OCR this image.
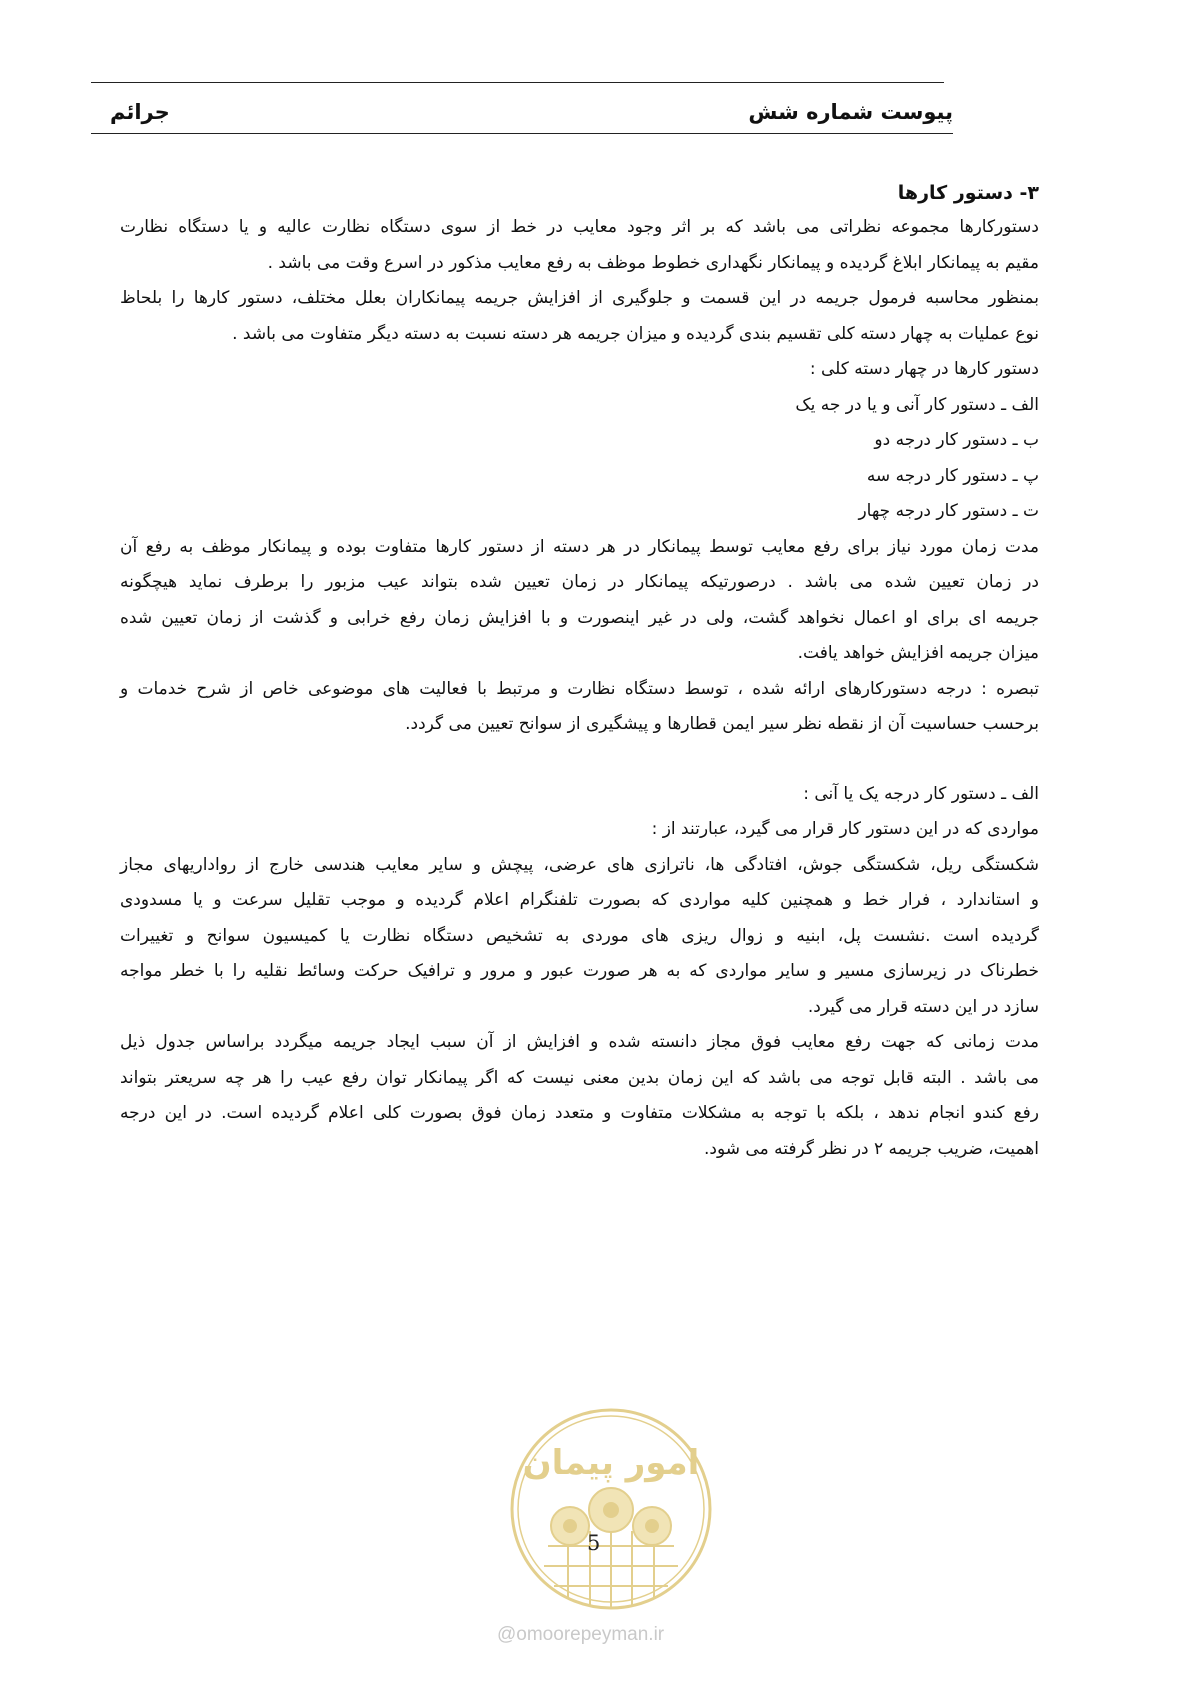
پیوست شماره شش
جرائم
۳- دستور کارها
دستورکارها مجموعه نظراتی می باشد که بر اثر وجود معایب در خط از سوی دستگاه نظارت عالیه و یا دستگاه نظارت
مقیم به پیمانکار ابلاغ گردیده و پیمانکار نگهداری خطوط موظف به رفع معایب مذکور در اسرع وقت می باشد .
بمنظور محاسبه فرمول جریمه در این قسمت و جلوگیری از افزایش جریمه پیمانکاران بعلل مختلف، دستور کارها را بلحاظ
نوع عملیات به چهار دسته کلی تقسیم بندی گردیده و میزان جریمه هر دسته نسبت به دسته دیگر متفاوت می باشد .
دستور کارها در چهار دسته کلی :
الف ـ دستور کار آنی و یا در جه یک
ب ـ دستور کار درجه دو
پ ـ دستور کار درجه سه
ت ـ دستور کار درجه چهار
مدت زمان مورد نیاز برای رفع معایب توسط پیمانکار در هر دسته از دستور کارها متفاوت بوده و پیمانکار موظف به رفع آن
در زمان تعیین شده می باشد . درصورتیکه پیمانکار در زمان تعیین شده بتواند عیب مزبور را برطرف نماید هیچگونه
جریمه ای برای او اعمال نخواهد گشت، ولی در غیر اینصورت و با افزایش زمان رفع خرابی و گذشت از زمان تعیین شده
میزان جریمه افزایش خواهد یافت.
تبصره : درجه دستورکارهای ارائه شده ، توسط دستگاه نظارت و مرتبط با فعالیت های موضوعی خاص از شرح خدمات و
برحسب حساسیت آن از نقطه نظر سیر ایمن قطارها و پیشگیری از سوانح تعیین می گردد.
الف ـ دستور کار درجه یک یا آنی :
مواردی که در این دستور کار قرار می گیرد، عبارتند از :
شکستگی ریل، شکستگی جوش، افتادگی ها، ناترازی های عرضی، پیچش و سایر معایب هندسی خارج از رواداریهای مجاز
و استاندارد ، فرار خط و همچنین کلیه مواردی که بصورت تلفنگرام اعلام گردیده و موجب تقلیل سرعت و یا مسدودی
گردیده است .نشست پل، ابنیه و زوال ریزی های موردی به تشخیص دستگاه نظارت یا کمیسیون سوانح و تغییرات
خطرناک در زیرسازی مسیر و سایر مواردی که به هر صورت عبور و مرور و ترافیک حرکت وسائط نقلیه را با خطر مواجه
سازد در این دسته قرار می گیرد.
مدت زمانی که جهت رفع معایب فوق مجاز دانسته شده و افزایش از آن سبب ایجاد جریمه میگردد براساس جدول ذیل
می باشد . البته قابل توجه می باشد که این زمان بدین معنی نیست که اگر پیمانکار توان رفع عیب را هر چه سریعتر بتواند
رفع کندو انجام ندهد ، بلکه با توجه به مشکلات متفاوت و متعدد زمان فوق بصورت کلی اعلام گردیده است. در این درجه
اهمیت، ضریب جریمه ۲ در نظر گرفته می شود.
امور پیمان
5
@omoorepeyman.ir
